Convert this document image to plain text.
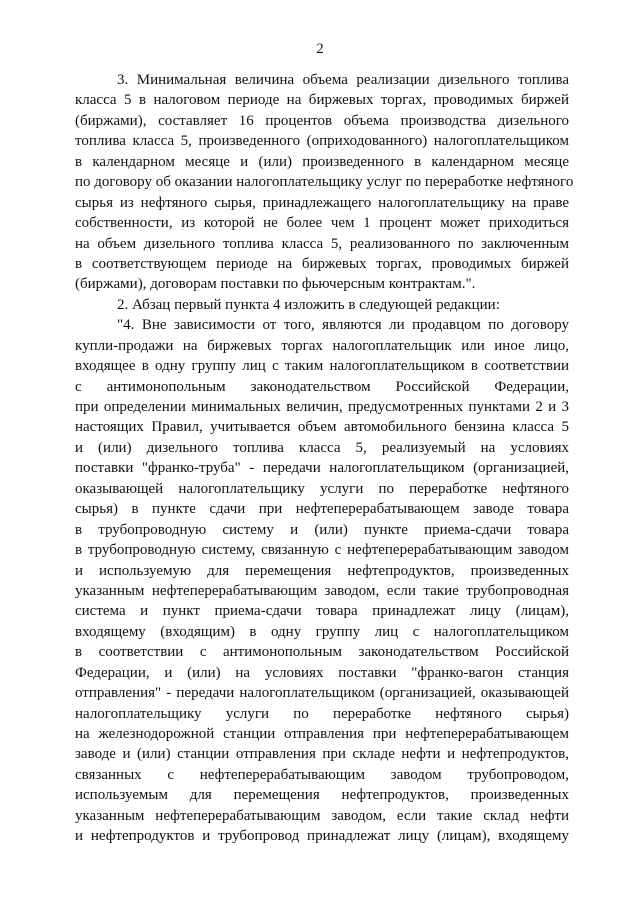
2
3. Минимальная величина объема реализации дизельного топлива
класса 5 в налоговом периоде на биржевых торгах, проводимых биржей
(биржами), составляет 16 процентов объема производства дизельного
топлива класса 5, произведенного (оприходованного) налогоплательщиком
в календарном месяце и (или) произведенного в календарном месяце
по договору об оказании налогоплательщику услуг по переработке нефтяного
сырья из нефтяного сырья, принадлежащего налогоплательщику на праве
собственности, из которой не более чем 1 процент может приходиться
на объем дизельного топлива класса 5, реализованного по заключенным
в соответствующем периоде на биржевых торгах, проводимых биржей
(биржами), договорам поставки по фьючерсным контрактам.".
2. Абзац первый пункта 4 изложить в следующей редакции:
"4. Вне зависимости от того, являются ли продавцом по договору
купли-продажи на биржевых торгах налогоплательщик или иное лицо,
входящее в одну группу лиц с таким налогоплательщиком в соответствии
с антимонопольным законодательством Российской Федерации,
при определении минимальных величин, предусмотренных пунктами 2 и 3
настоящих Правил, учитывается объем автомобильного бензина класса 5
и (или) дизельного топлива класса 5, реализуемый на условиях
поставки "франко-труба" - передачи налогоплательщиком (организацией,
оказывающей налогоплательщику услуги по переработке нефтяного
сырья) в пункте сдачи при нефтеперерабатывающем заводе товара
в трубопроводную систему и (или) пункте приема-сдачи товара
в трубопроводную систему, связанную с нефтеперерабатывающим заводом
и используемую для перемещения нефтепродуктов, произведенных
указанным нефтеперерабатывающим заводом, если такие трубопроводная
система и пункт приема-сдачи товара принадлежат лицу (лицам),
входящему (входящим) в одну группу лиц с налогоплательщиком
в соответствии с антимонопольным законодательством Российской
Федерации, и (или) на условиях поставки "франко-вагон станция
отправления" - передачи налогоплательщиком (организацией, оказывающей
налогоплательщику услуги по переработке нефтяного сырья)
на железнодорожной станции отправления при нефтеперерабатывающем
заводе и (или) станции отправления при складе нефти и нефтепродуктов,
связанных с нефтеперерабатывающим заводом трубопроводом,
используемым для перемещения нефтепродуктов, произведенных
указанным нефтеперерабатывающим заводом, если такие склад нефти
и нефтепродуктов и трубопровод принадлежат лицу (лицам), входящему
